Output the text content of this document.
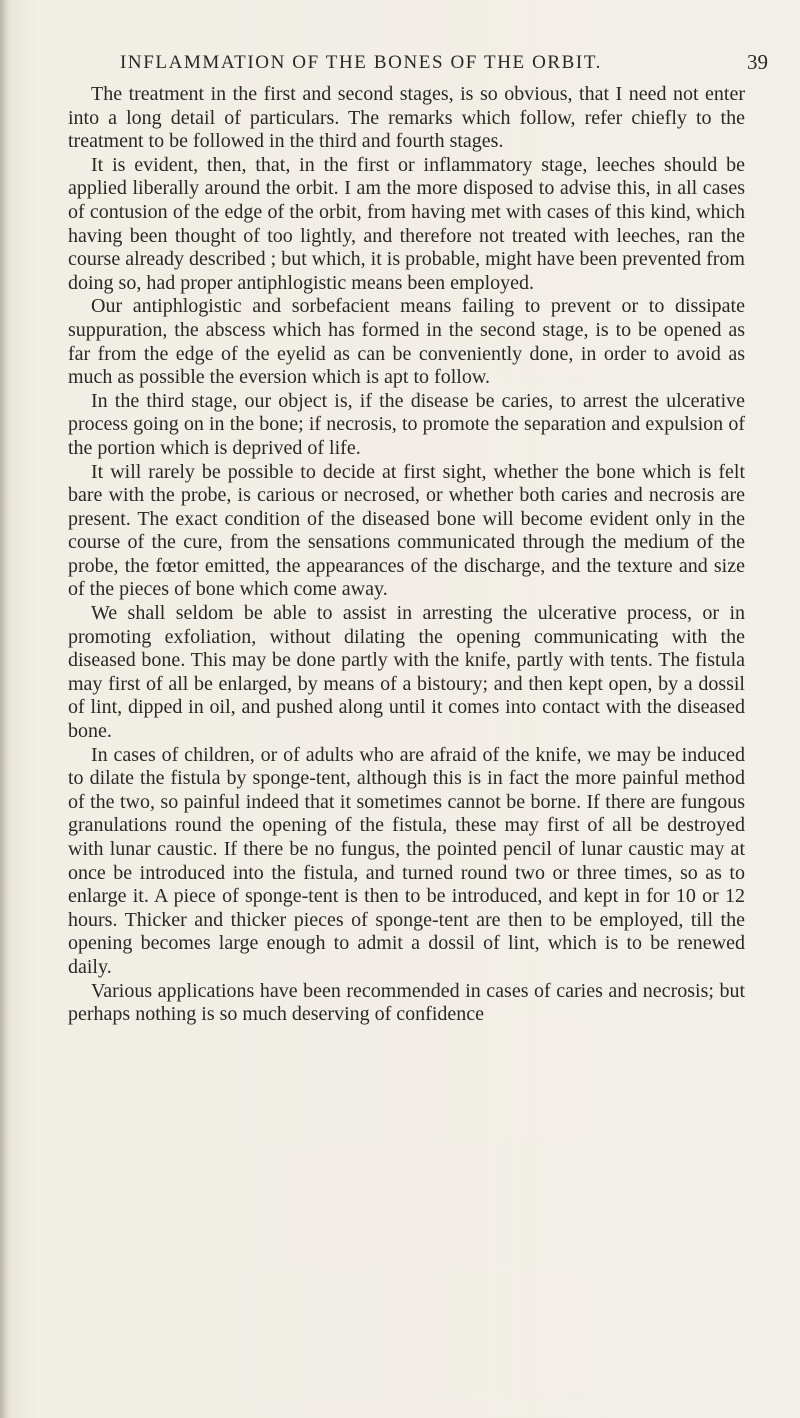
INFLAMMATION OF THE BONES OF THE ORBIT.	39

The treatment in the first and second stages, is so obvious, that I need not enter into a long detail of particulars. The remarks which follow, refer chiefly to the treatment to be followed in the third and fourth stages.

It is evident, then, that, in the first or inflammatory stage, leeches should be applied liberally around the orbit. I am the more disposed to advise this, in all cases of contusion of the edge of the orbit, from having met with cases of this kind, which having been thought of too lightly, and therefore not treated with leeches, ran the course already described ; but which, it is probable, might have been prevented from doing so, had proper antiphlogistic means been employed.

Our antiphlogistic and sorbefacient means failing to prevent or to dissipate suppuration, the abscess which has formed in the second stage, is to be opened as far from the edge of the eyelid as can be conveniently done, in order to avoid as much as possible the eversion which is apt to follow.

In the third stage, our object is, if the disease be caries, to arrest the ulcerative process going on in the bone; if necrosis, to promote the separation and expulsion of the portion which is deprived of life.

It will rarely be possible to decide at first sight, whether the bone which is felt bare with the probe, is carious or necrosed, or whether both caries and necrosis are present. The exact condition of the diseased bone will become evident only in the course of the cure, from the sensations communicated through the medium of the probe, the fœtor emitted, the appearances of the discharge, and the texture and size of the pieces of bone which come away.

We shall seldom be able to assist in arresting the ulcerative process, or in promoting exfoliation, without dilating the opening communicating with the diseased bone. This may be done partly with the knife, partly with tents. The fistula may first of all be enlarged, by means of a bistoury; and then kept open, by a dossil of lint, dipped in oil, and pushed along until it comes into contact with the diseased bone.

In cases of children, or of adults who are afraid of the knife, we may be induced to dilate the fistula by sponge-tent, although this is in fact the more painful method of the two, so painful indeed that it sometimes cannot be borne. If there are fungous granulations round the opening of the fistula, these may first of all be destroyed with lunar caustic. If there be no fungus, the pointed pencil of lunar caustic may at once be introduced into the fistula, and turned round two or three times, so as to enlarge it. A piece of sponge-tent is then to be introduced, and kept in for 10 or 12 hours. Thicker and thicker pieces of sponge-tent are then to be employed, till the opening becomes large enough to admit a dossil of lint, which is to be renewed daily.

Various applications have been recommended in cases of caries and necrosis; but perhaps nothing is so much deserving of confidence
